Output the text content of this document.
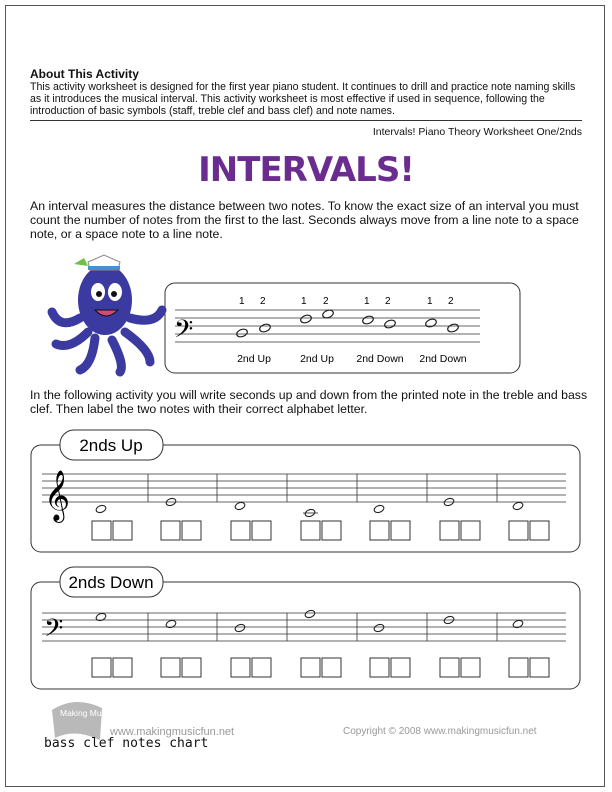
About This Activity
This activity worksheet is designed for the first year piano student. It continues to drill and practice note naming skills as it introduces the musical interval. This activity worksheet is most effective if used in sequence, following the introduction of basic symbols (staff, treble clef and bass clef) and note names.
Intervals! Piano Theory Worksheet One/2nds
INTERVALS!
An interval measures the distance between two notes. To know the exact size of an interval you must count the number of notes from the first to the last. Seconds always move from a line note to a space note, or a space note to a line note.
𝄢
1 2	1 2	1 2	1 2
2nd Up	2nd Up 2nd Down 2nd Down
In the following activity you will write seconds up and down from the printed note in the treble and bass clef. Then label the two notes with their correct alphabet letter.
2nds Up
𝄞
2nds Down
𝄢
Making Music Fun!
www.makingmusicfun.net	Copyright © 2008 www.makingmusicfun.net
bass clef notes chart
